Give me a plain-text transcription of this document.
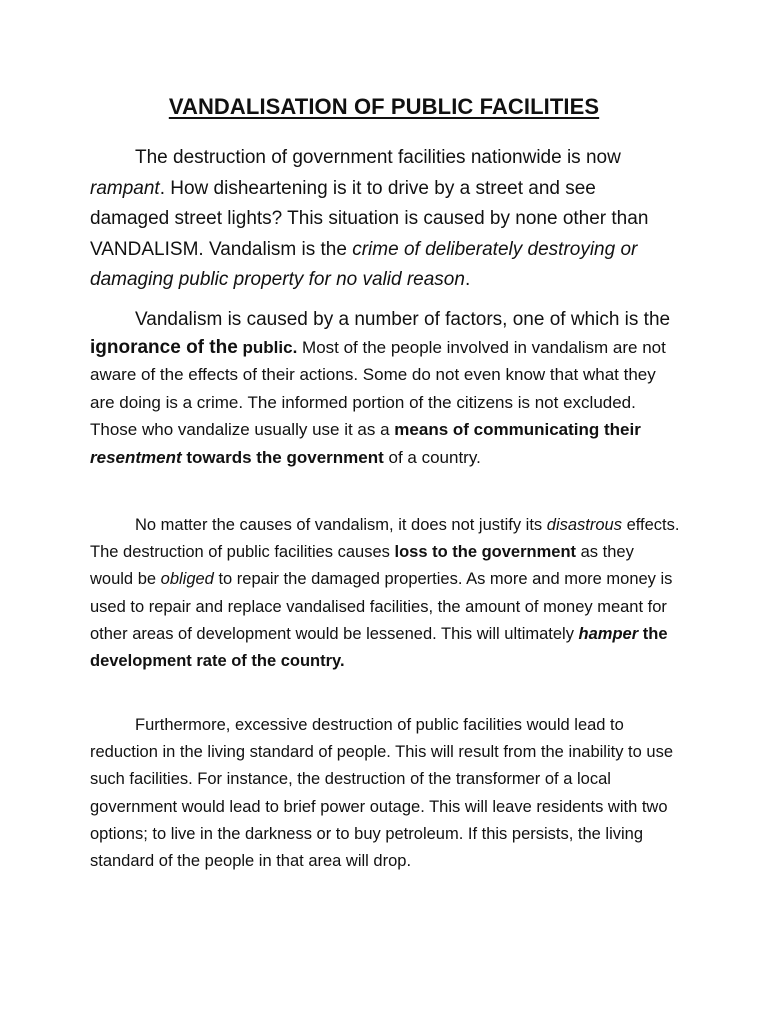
VANDALISATION OF PUBLIC FACILITIES

The destruction of government facilities nationwide is now rampant. How disheartening is it to drive by a street and see damaged street lights? This situation is caused by none other than VANDALISM. Vandalism is the crime of deliberately destroying or damaging public property for no valid reason.

Vandalism is caused by a number of factors, one of which is the ignorance of the public. Most of the people involved in vandalism are not aware of the effects of their actions. Some do not even know that what they are doing is a crime. The informed portion of the citizens is not excluded. Those who vandalize usually use it as a means of communicating their resentment towards the government of a country.

No matter the causes of vandalism, it does not justify its disastrous effects. The destruction of public facilities causes loss to the government as they would be obliged to repair the damaged properties. As more and more money is used to repair and replace vandalised facilities, the amount of money meant for other areas of development would be lessened. This will ultimately hamper the development rate of the country.

Furthermore, excessive destruction of public facilities would lead to reduction in the living standard of people. This will result from the inability to use such facilities. For instance, the destruction of the transformer of a local government would lead to brief power outage. This will leave residents with two options; to live in the darkness or to buy petroleum. If this persists, the living standard of the people in that area will drop.
